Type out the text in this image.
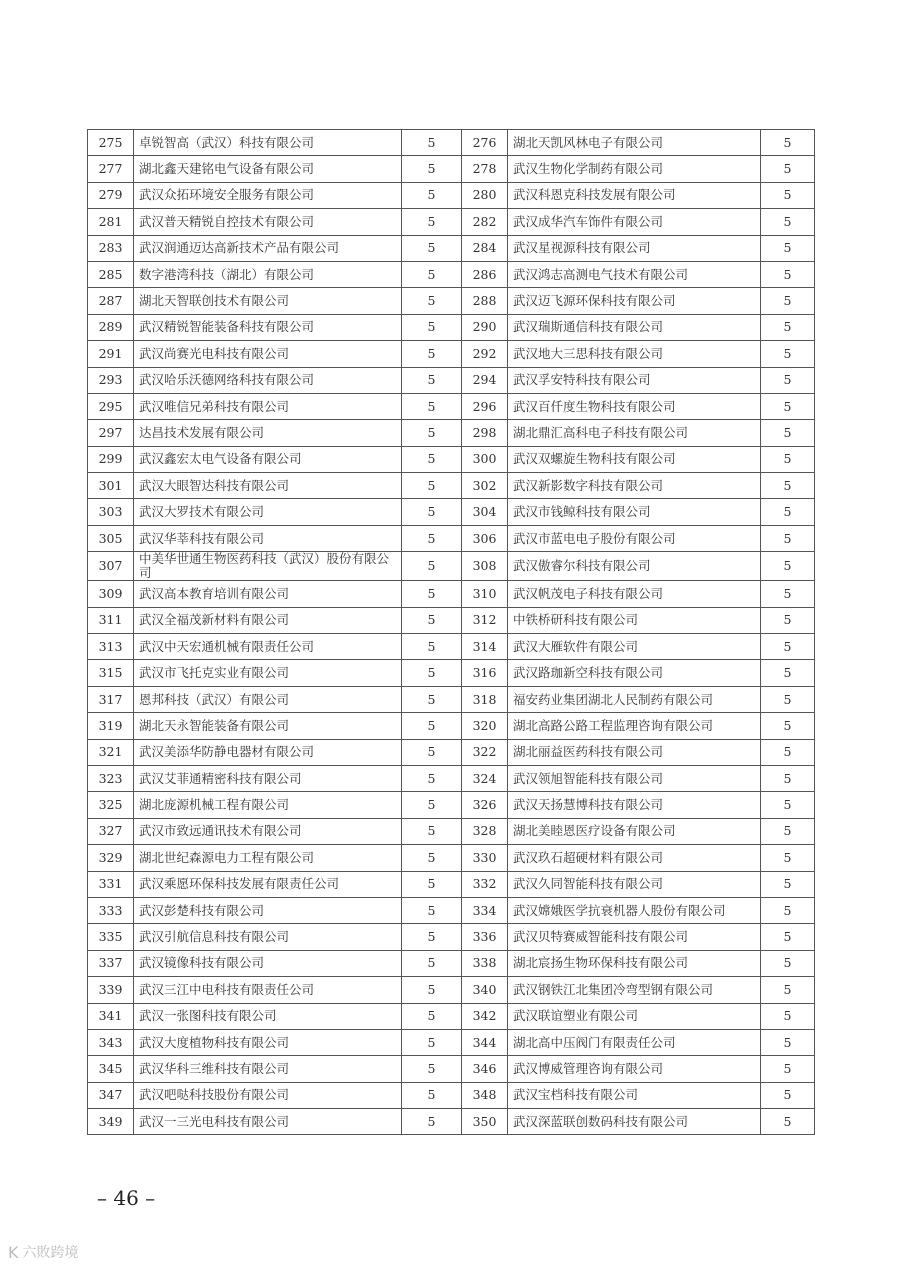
275	卓锐智高（武汉）科技有限公司	5	276	湖北天凯风林电子有限公司	5
277	湖北鑫天建铭电气设备有限公司	5	278	武汉生物化学制药有限公司	5
279	武汉众拓环境安全服务有限公司	5	280	武汉科恩克科技发展有限公司	5
281	武汉普天精锐自控技术有限公司	5	282	武汉成华汽车饰件有限公司	5
283	武汉润通迈达高新技术产品有限公司	5	284	武汉星视源科技有限公司	5
285	数字港湾科技（湖北）有限公司	5	286	武汉鸿志高测电气技术有限公司	5
287	湖北天智联创技术有限公司	5	288	武汉迈飞源环保科技有限公司	5
289	武汉精锐智能装备科技有限公司	5	290	武汉瑞斯通信科技有限公司	5
291	武汉尚赛光电科技有限公司	5	292	武汉地大三思科技有限公司	5
293	武汉哈乐沃德网络科技有限公司	5	294	武汉孚安特科技有限公司	5
295	武汉唯信兄弟科技有限公司	5	296	武汉百仟度生物科技有限公司	5
297	达昌技术发展有限公司	5	298	湖北鼎汇高科电子科技有限公司	5
299	武汉鑫宏太电气设备有限公司	5	300	武汉双螺旋生物科技有限公司	5
301	武汉大眼智达科技有限公司	5	302	武汉新影数字科技有限公司	5
303	武汉大罗技术有限公司	5	304	武汉市钱鲸科技有限公司	5
305	武汉华莘科技有限公司	5	306	武汉市蓝电电子股份有限公司	5
307	中美华世通生物医药科技（武汉）股份有限公司	5	308	武汉傲睿尔科技有限公司	5
309	武汉高本教育培训有限公司	5	310	武汉帆茂电子科技有限公司	5
311	武汉全福茂新材料有限公司	5	312	中铁桥研科技有限公司	5
313	武汉中天宏通机械有限责任公司	5	314	武汉大雁软件有限公司	5
315	武汉市飞托克实业有限公司	5	316	武汉路珈新空科技有限公司	5
317	恩邦科技（武汉）有限公司	5	318	福安药业集团湖北人民制药有限公司	5
319	湖北天永智能装备有限公司	5	320	湖北高路公路工程监理咨询有限公司	5
321	武汉美添华防静电器材有限公司	5	322	湖北丽益医药科技有限公司	5
323	武汉艾菲通精密科技有限公司	5	324	武汉领旭智能科技有限公司	5
325	湖北庞源机械工程有限公司	5	326	武汉天扬慧博科技有限公司	5
327	武汉市致远通讯技术有限公司	5	328	湖北美睦恩医疗设备有限公司	5
329	湖北世纪森源电力工程有限公司	5	330	武汉玖石超硬材料有限公司	5
331	武汉乘愿环保科技发展有限责任公司	5	332	武汉久同智能科技有限公司	5
333	武汉彭楚科技有限公司	5	334	武汉嫦娥医学抗衰机器人股份有限公司	5
335	武汉引航信息科技有限公司	5	336	武汉贝特赛威智能科技有限公司	5
337	武汉镜像科技有限公司	5	338	湖北宸扬生物环保科技有限公司	5
339	武汉三江中电科技有限责任公司	5	340	武汉钢铁江北集团冷弯型钢有限公司	5
341	武汉一张图科技有限公司	5	342	武汉联谊塑业有限公司	5
343	武汉大度植物科技有限公司	5	344	湖北高中压阀门有限责任公司	5
345	武汉华科三维科技有限公司	5	346	武汉博威管理咨询有限公司	5
347	武汉吧哒科技股份有限公司	5	348	武汉宝档科技有限公司	5
349	武汉一三光电科技有限公司	5	350	武汉深蓝联创数码科技有限公司	5
– 46 –
K 六敗跨境
